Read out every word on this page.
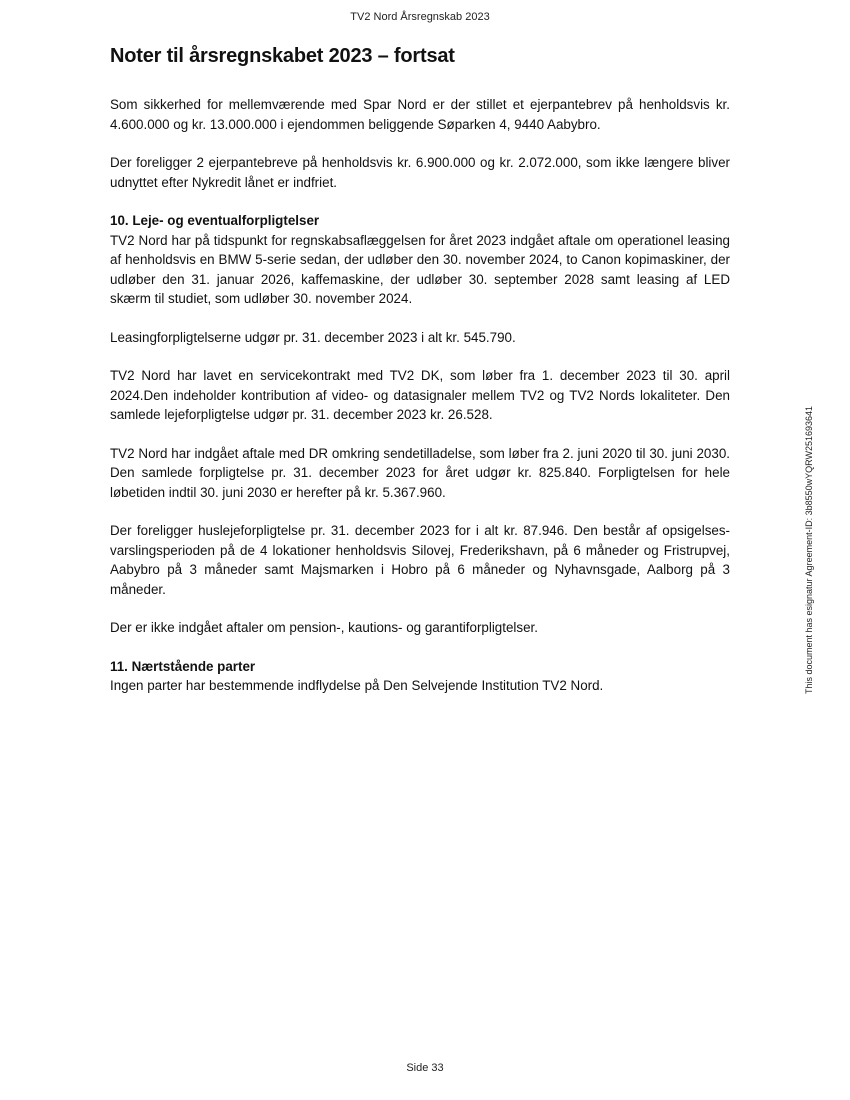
TV2 Nord Årsregnskab 2023
Noter til årsregnskabet 2023 – fortsat

Som sikkerhed for mellemværende med Spar Nord er der stillet et ejerpantebrev på henholdsvis kr. 4.600.000 og kr. 13.000.000 i ejendommen beliggende Søparken 4, 9440 Aabybro.

Der foreligger 2 ejerpantebreve på henholdsvis kr. 6.900.000 og kr. 2.072.000, som ikke længere bliver udnyttet efter Nykredit lånet er indfriet.

10. Leje- og eventualforpligtelser

TV2 Nord har på tidspunkt for regnskabsaflæggelsen for året 2023 indgået aftale om operationel leasing af henholdsvis en BMW 5-serie sedan, der udløber den 30. november 2024, to Canon kopimaskiner, der udløber den 31. januar 2026, kaffemaskine, der udløber 30. september 2028 samt leasing af LED skærm til studiet, som udløber 30. november 2024.

Leasingforpligtelserne udgør pr. 31. december 2023 i alt kr. 545.790.

TV2 Nord har lavet en servicekontrakt med TV2 DK, som løber fra 1. december 2023 til 30. april 2024.Den indeholder kontribution af video- og datasignaler mellem TV2 og TV2 Nords lokaliteter. Den samlede lejeforpligtelse udgør pr. 31. december 2023 kr. 26.528.

TV2 Nord har indgået aftale med DR omkring sendetilladelse, som løber fra 2. juni 2020 til 30. juni 2030. Den samlede forpligtelse pr. 31. december 2023 for året udgør kr. 825.840. Forpligtelsen for hele løbetiden indtil 30. juni 2030 er herefter på kr. 5.367.960.

Der foreligger huslejeforpligtelse pr. 31. december 2023 for i alt kr. 87.946. Den består af opsigelses- varslingsperioden på de 4 lokationer henholdsvis Silovej, Frederikshavn, på 6 måneder og Fristrupvej, Aabybro på 3 måneder samt Majsmarken i Hobro på 6 måneder og Nyhavnsgade, Aalborg på 3 måneder.

Der er ikke indgået aftaler om pension-, kautions- og garantiforpligtelser.

11. Nærtstående parter

Ingen parter har bestemmende indflydelse på Den Selvejende Institution TV2 Nord.	This document has esignatur Agreement-ID: 3b8550wYQRW251693641
Side 33
